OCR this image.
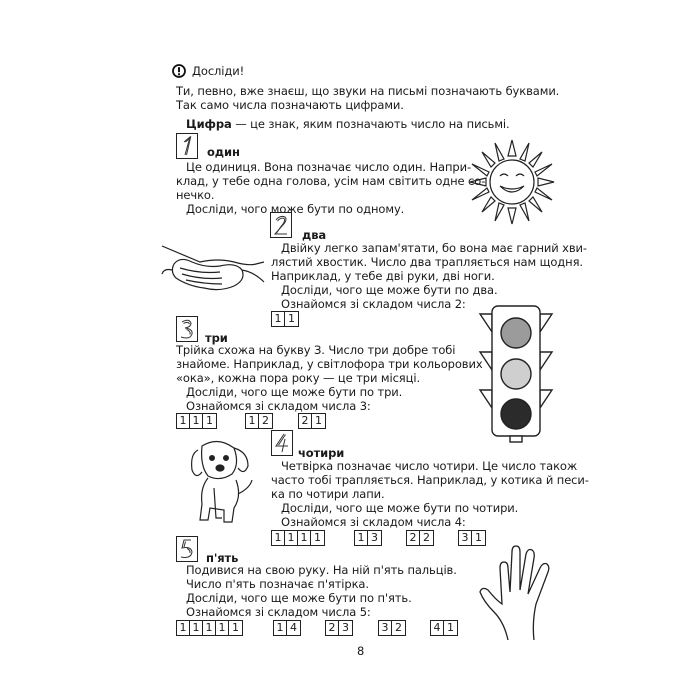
Досліди!
Ти, певно, вже знаєш, що звуки на письмі позначають буквами.
Так само числа позначають цифрами.
Цифра — це знак, яким позначають число на письмі.
один
Це одиниця. Вона позначає число один. Напри-
клад, у тебе одна голова, усім нам світить одне со-
нечко.
Досліди, чого може бути по одному.
два
Двійку легко запам'ятати, бо вона має гарний хви-
лястий хвостик. Число два трапляється нам щодня.
Наприклад, у тебе дві руки, дві ноги.
Досліди, чого ще може бути по два.
Ознайомся зі складом числа 2:
1 1
три
Трійка схожа на букву З. Число три добре тобі
знайоме. Наприклад, у світлофора три кольорових
«ока», кожна пора року — це три місяці.
Досліди, чого ще може бути по три.
Ознайомся зі складом числа 3:
1 1 1	1 2	2 1
чотири
Четвірка позначає число чотири. Це число також
часто тобі трапляється. Наприклад, у котика й песи-
ка по чотири лапи.
Досліди, чого ще може бути по чотири.
Ознайомся зі складом числа 4:
1 1 1 1	1 3	2 2	3 1
п'ять
Подивися на свою руку. На ній п'ять пальців.
Число п'ять позначає п'ятірка.
Досліди, чого ще може бути по п'ять.
Ознайомся зі складом числа 5:
1 1 1 1 1	1 4	2 3	3 2	4 1
8
